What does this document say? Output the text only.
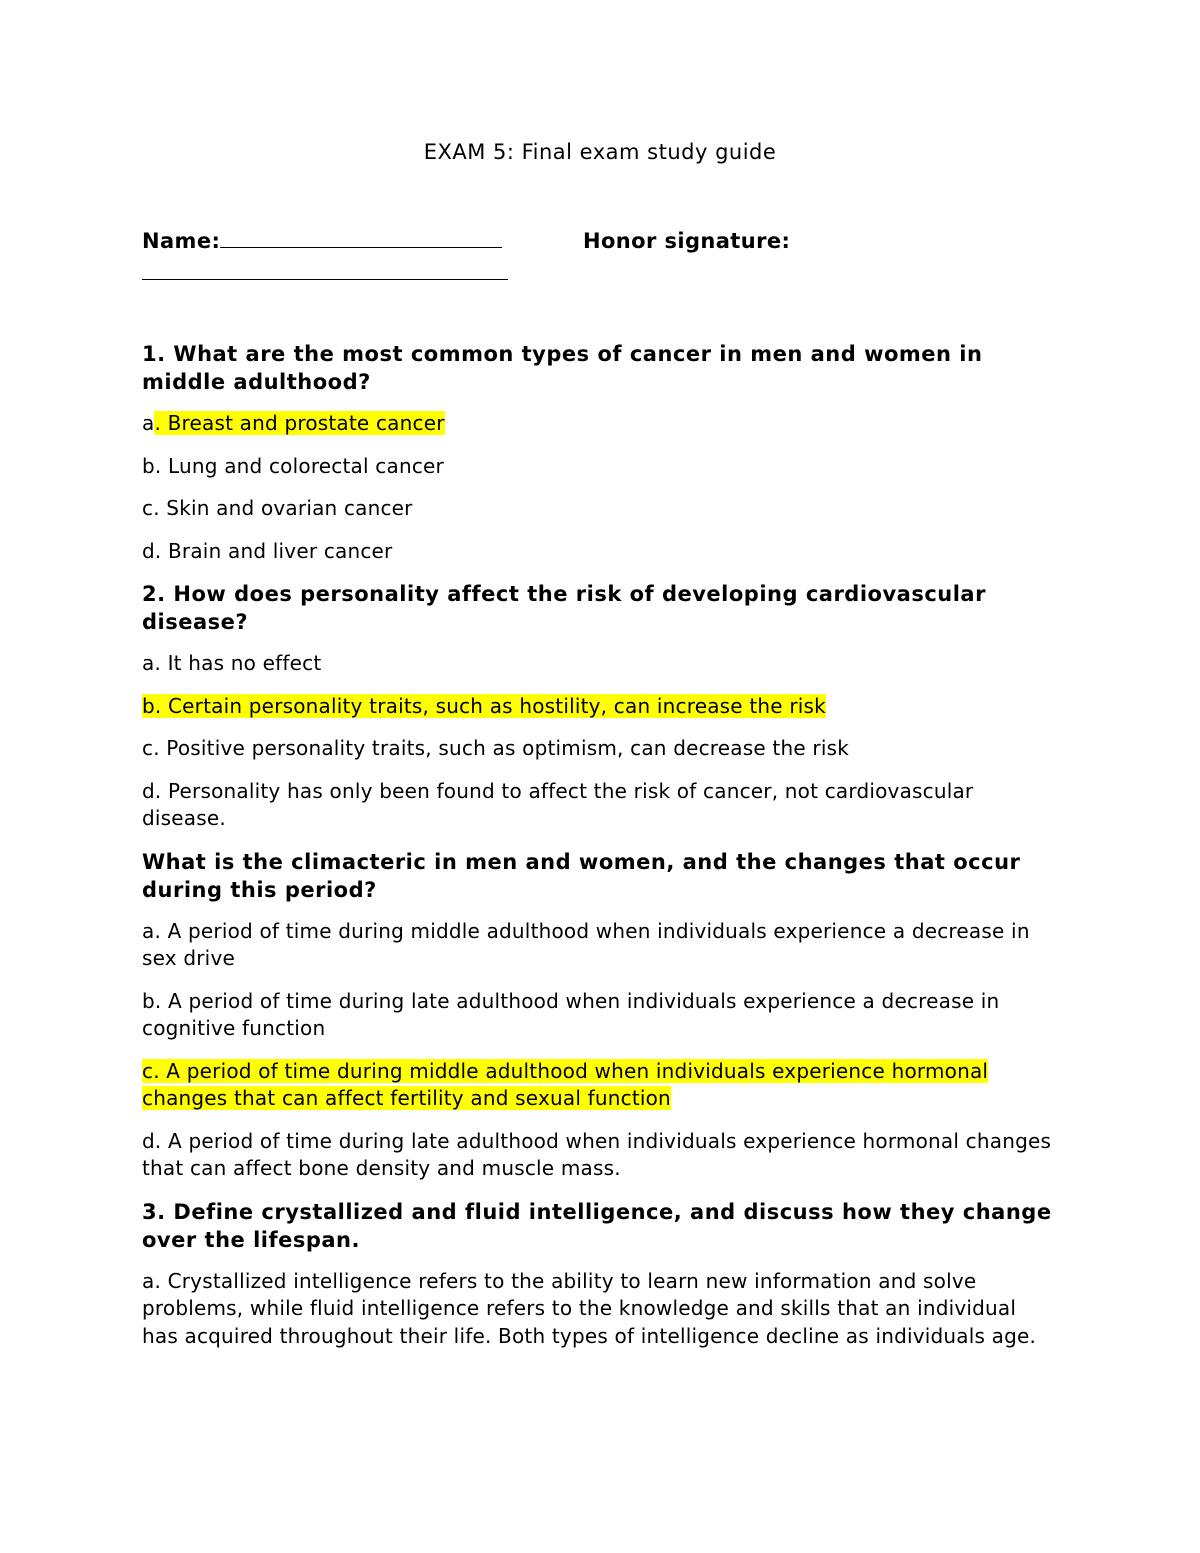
EXAM 5: Final exam study guide
Name:	Honor signature:

1. What are the most common types of cancer in men and women in middle adulthood?

a. Breast and prostate cancer

b. Lung and colorectal cancer

c. Skin and ovarian cancer

d. Brain and liver cancer

2. How does personality affect the risk of developing cardiovascular disease?

a. It has no effect

b. Certain personality traits, such as hostility, can increase the risk

c. Positive personality traits, such as optimism, can decrease the risk

d. Personality has only been found to affect the risk of cancer, not cardiovascular disease.

What is the climacteric in men and women, and the changes that occur during this period?

a. A period of time during middle adulthood when individuals experience a decrease in sex drive

b. A period of time during late adulthood when individuals experience a decrease in cognitive function

c. A period of time during middle adulthood when individuals experience hormonal changes that can affect fertility and sexual function

d. A period of time during late adulthood when individuals experience hormonal changes that can affect bone density and muscle mass.

3. Define crystallized and fluid intelligence, and discuss how they change over the lifespan.

a. Crystallized intelligence refers to the ability to learn new information and solve problems, while fluid intelligence refers to the knowledge and skills that an individual has acquired throughout their life. Both types of intelligence decline as individuals age.
